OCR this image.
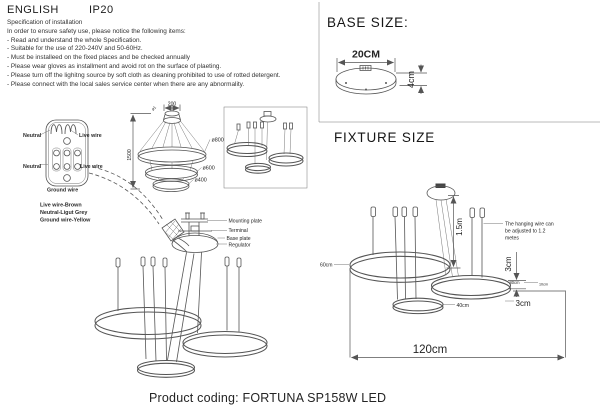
Neutral	Live wire
Neutral	Live wire
Ground wire
Live wire-Brown
Neutral-Ligut Grey
Ground wire-Yellow
200
ø1
1500
ø800
ø600
ø400
Mounting plate
Terminal
Base plate
Regulator
20CM
4cm
1.5m	The hanging wire can
be adjusted to 1.2
metes
60cm	3cm
80cm	10cm
3cm
40cm
120cm
ENGLISH	IP20
Specification of installation
In order to ensure safety use, please notice the following items:
- Read and understand the whole Specification.
- Suitable for the use of 220-240V and 50-60Hz.
- Must be installeed on the fixed places and be checked annually
- Please wear gloves as installment and avoid rot on the surface of plaeting.
- Please turn off the lighitng source by soft cloth as cleaning prohibited to use of rotted detergent.
- Please connect with the local sales service center when there are any abnormality.
BASE SIZE:
FIXTURE SIZE
Product coding: FORTUNA SP158W LED
